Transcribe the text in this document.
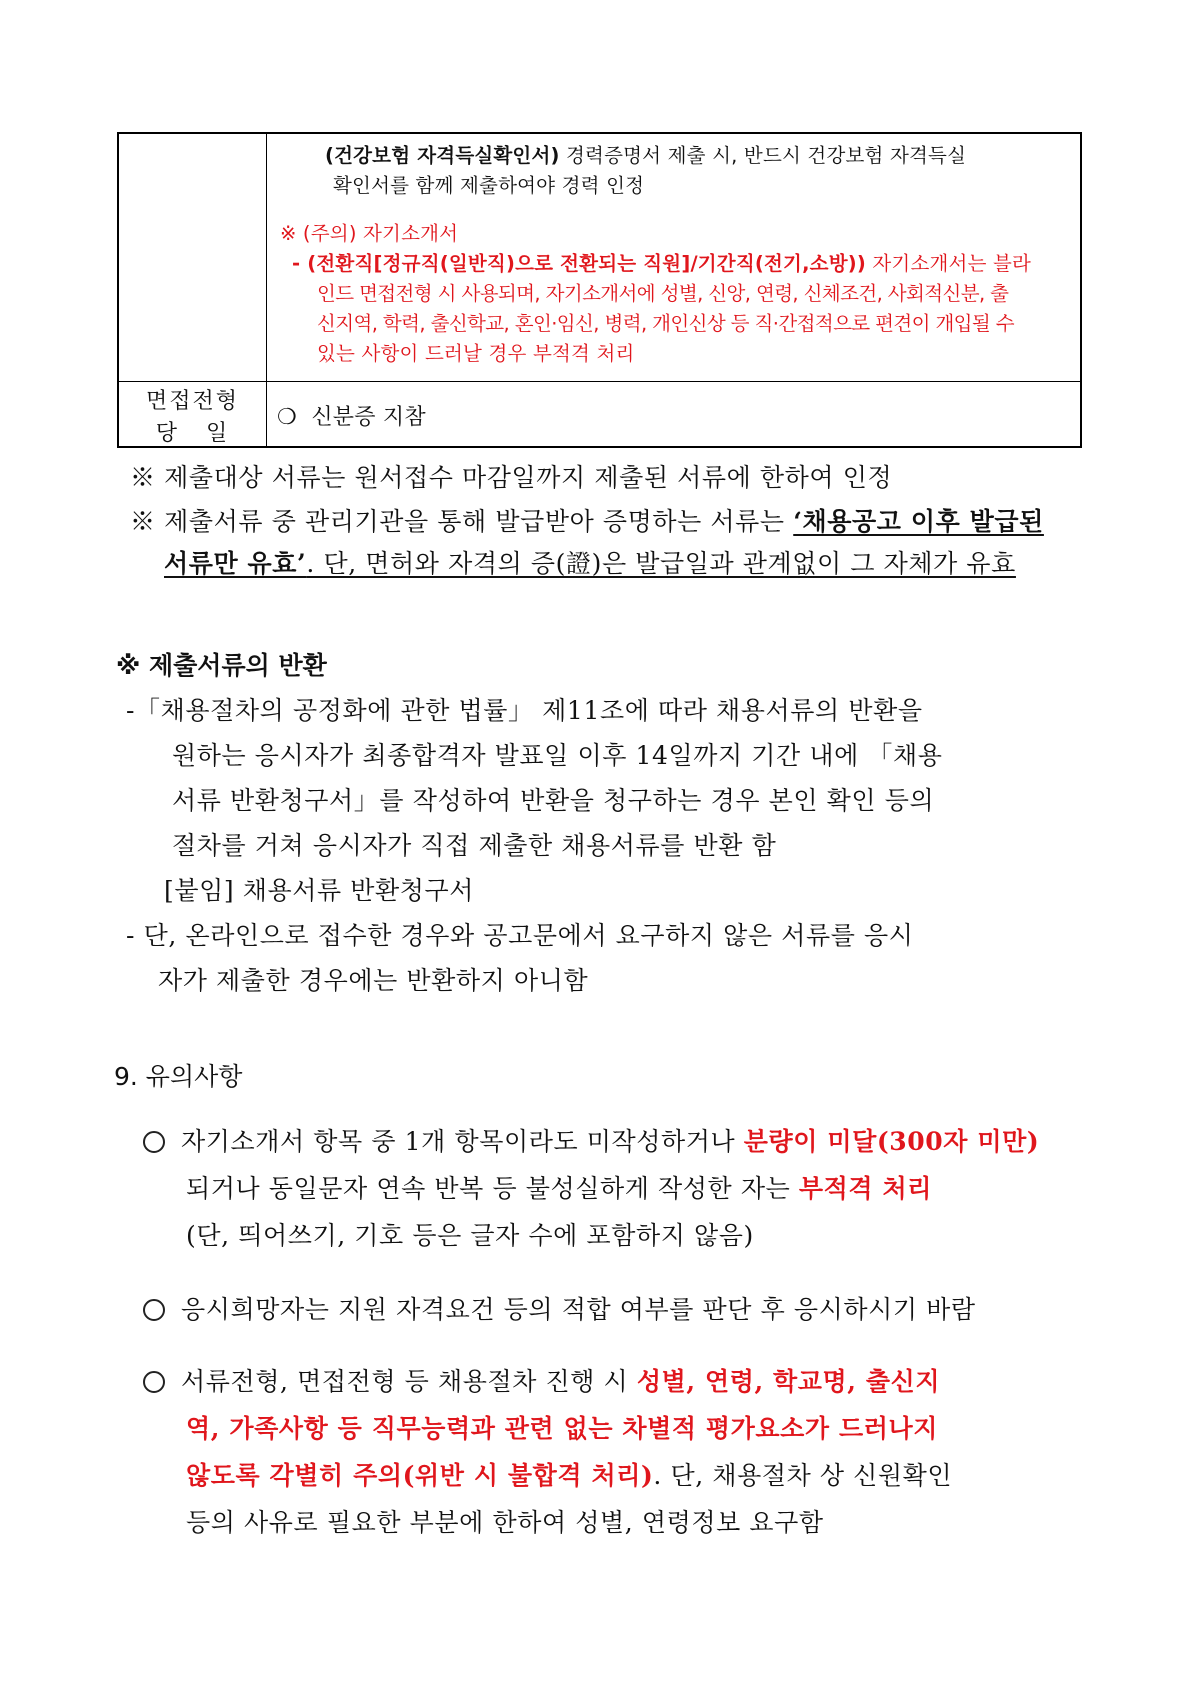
(건강보험 자격득실확인서) 경력증명서 제출 시, 반드시 건강보험 자격득실
확인서를 함께 제출하여야 경력 인정
※ (주의) 자기소개서
- (전환직[정규직(일반직)으로 전환되는 직원]/기간직(전기,소방)) 자기소개서는 블라
인드 면접전형 시 사용되며, 자기소개서에 성별, 신앙, 연령, 신체조건, 사회적신분, 출
신지역, 학력, 출신학교, 혼인·임신, 병력, 개인신상 등 직·간접적으로 편견이 개입될 수
있는 사항이 드러날 경우 부적격 처리
면접전형
당   일
❍ 신분증 지참
※ 제출대상 서류는 원서접수 마감일까지 제출된 서류에 한하여 인정
※ 제출서류 중 관리기관을 통해 발급받아 증명하는 서류는 ‘채용공고 이후 발급된
서류만 유효’. 단, 면허와 자격의 증(證)은 발급일과 관계없이 그 자체가 유효
※ 제출서류의 반환
-「채용절차의 공정화에 관한 법률」 제11조에 따라 채용서류의 반환을
원하는 응시자가 최종합격자 발표일 이후 14일까지 기간 내에 「채용
서류 반환청구서」를 작성하여 반환을 청구하는 경우 본인 확인 등의
절차를 거쳐 응시자가 직접 제출한 채용서류를 반환 함
[붙임] 채용서류 반환청구서
- 단, 온라인으로 접수한 경우와 공고문에서 요구하지 않은 서류를 응시
자가 제출한 경우에는 반환하지 아니함
9. 유의사항
자기소개서 항목 중 1개 항목이라도 미작성하거나 분량이 미달(300자 미만)
되거나 동일문자 연속 반복 등 불성실하게 작성한 자는 부적격 처리
(단, 띄어쓰기, 기호 등은 글자 수에 포함하지 않음)
응시희망자는 지원 자격요건 등의 적합 여부를 판단 후 응시하시기 바람
서류전형, 면접전형 등 채용절차 진행 시 성별, 연령, 학교명, 출신지
역, 가족사항 등 직무능력과 관련 없는 차별적 평가요소가 드러나지
않도록 각별히 주의(위반 시 불합격 처리). 단, 채용절차 상 신원확인
등의 사유로 필요한 부분에 한하여 성별, 연령정보 요구함
